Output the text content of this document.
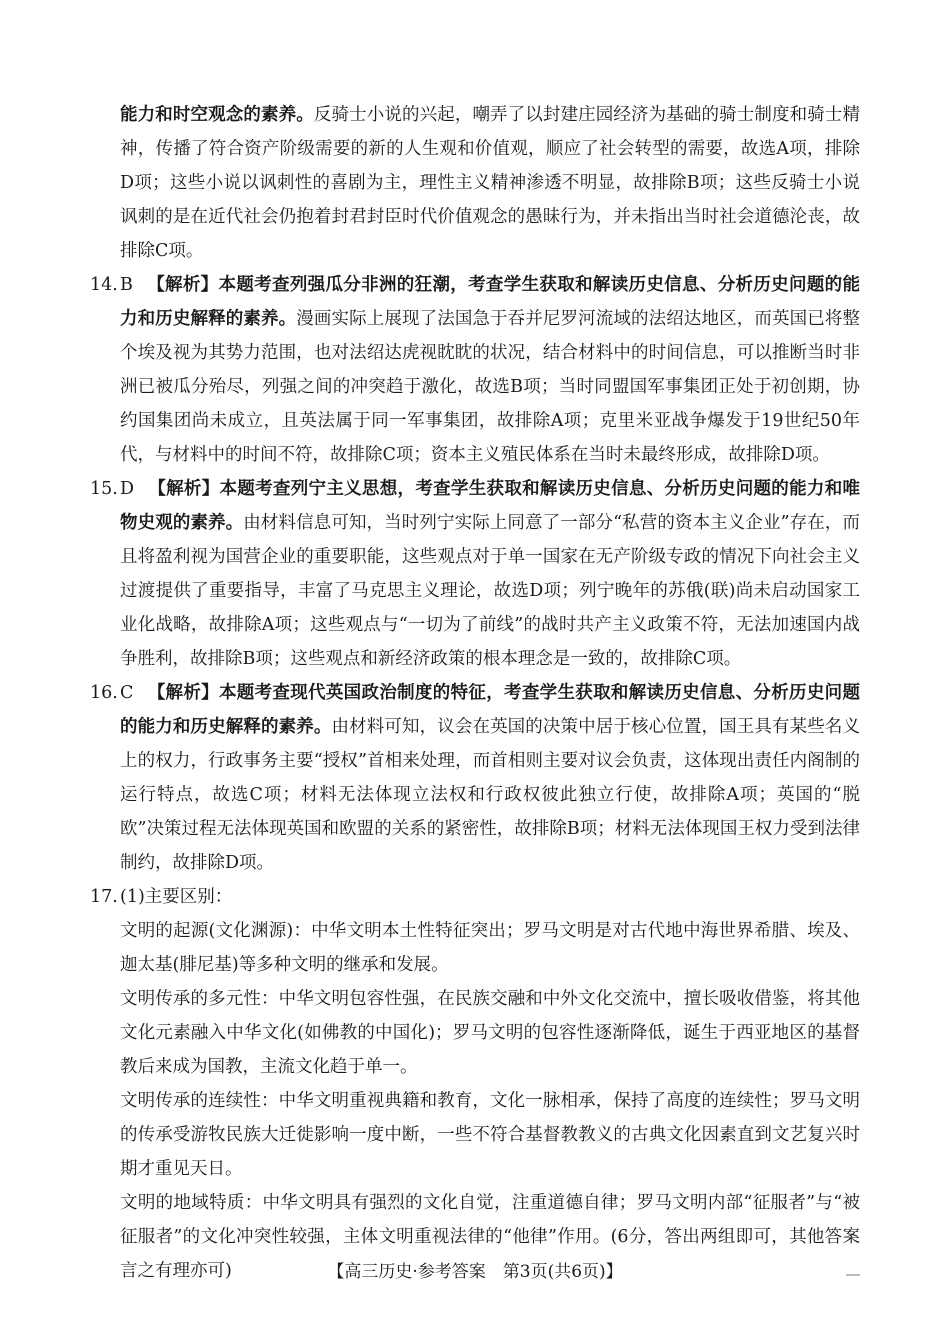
能力和时空观念的素养。反骑士小说的兴起，嘲弄了以封建庄园经济为基础的骑士制度和骑士精神，传播了符合资产阶级需要的新的人生观和价值观，顺应了社会转型的需要，故选A项，排除D项；这些小说以讽刺性的喜剧为主，理性主义精神渗透不明显，故排除B项；这些反骑士小说讽刺的是在近代社会仍抱着封君封臣时代价值观念的愚昧行为，并未指出当时社会道德沦丧，故排除C项。

14. B 【解析】本题考查列强瓜分非洲的狂潮，考查学生获取和解读历史信息、分析历史问题的能力和历史解释的素养。漫画实际上展现了法国急于吞并尼罗河流域的法绍达地区，而英国已将整个埃及视为其势力范围，也对法绍达虎视眈眈的状况，结合材料中的时间信息，可以推断当时非洲已被瓜分殆尽，列强之间的冲突趋于激化，故选B项；当时同盟国军事集团正处于初创期，协约国集团尚未成立，且英法属于同一军事集团，故排除A项；克里米亚战争爆发于19世纪50年代，与材料中的时间不符，故排除C项；资本主义殖民体系在当时未最终形成，故排除D项。
15. D 【解析】本题考查列宁主义思想，考查学生获取和解读历史信息、分析历史问题的能力和唯物史观的素养。由材料信息可知，当时列宁实际上同意了一部分“私营的资本主义企业”存在，而且将盈利视为国营企业的重要职能，这些观点对于单一国家在无产阶级专政的情况下向社会主义过渡提供了重要指导，丰富了马克思主义理论，故选D项；列宁晚年的苏俄(联)尚未启动国家工业化战略，故排除A项；这些观点与“一切为了前线”的战时共产主义政策不符，无法加速国内战争胜利，故排除B项；这些观点和新经济政策的根本理念是一致的，故排除C项。
16. C 【解析】本题考查现代英国政治制度的特征，考查学生获取和解读历史信息、分析历史问题的能力和历史解释的素养。由材料可知，议会在英国的决策中居于核心位置，国王具有某些名义上的权力，行政事务主要“授权”首相来处理，而首相则主要对议会负责，这体现出责任内阁制的运行特点，故选C项；材料无法体现立法权和行政权彼此独立行使，故排除A项；英国的“脱欧”决策过程无法体现英国和欧盟的关系的紧密性，故排除B项；材料无法体现国王权力受到法律制约，故排除D项。
17. (1)主要区别：

文明的起源(文化渊源)：中华文明本土性特征突出；罗马文明是对古代地中海世界希腊、埃及、迦太基(腓尼基)等多种文明的继承和发展。

文明传承的多元性：中华文明包容性强，在民族交融和中外文化交流中，擅长吸收借鉴，将其他文化元素融入中华文化(如佛教的中国化)；罗马文明的包容性逐渐降低，诞生于西亚地区的基督教后来成为国教，主流文化趋于单一。

文明传承的连续性：中华文明重视典籍和教育，文化一脉相承，保持了高度的连续性；罗马文明的传承受游牧民族大迁徙影响一度中断，一些不符合基督教教义的古典文化因素直到文艺复兴时期才重见天日。

文明的地域特质：中华文明具有强烈的文化自觉，注重道德自律；罗马文明内部“征服者”与“被征服者”的文化冲突性较强，主体文明重视法律的“他律”作用。(6分，答出两组即可，其他答案言之有理亦可)	【高三历史·参考答案　第3页(共6页)】
